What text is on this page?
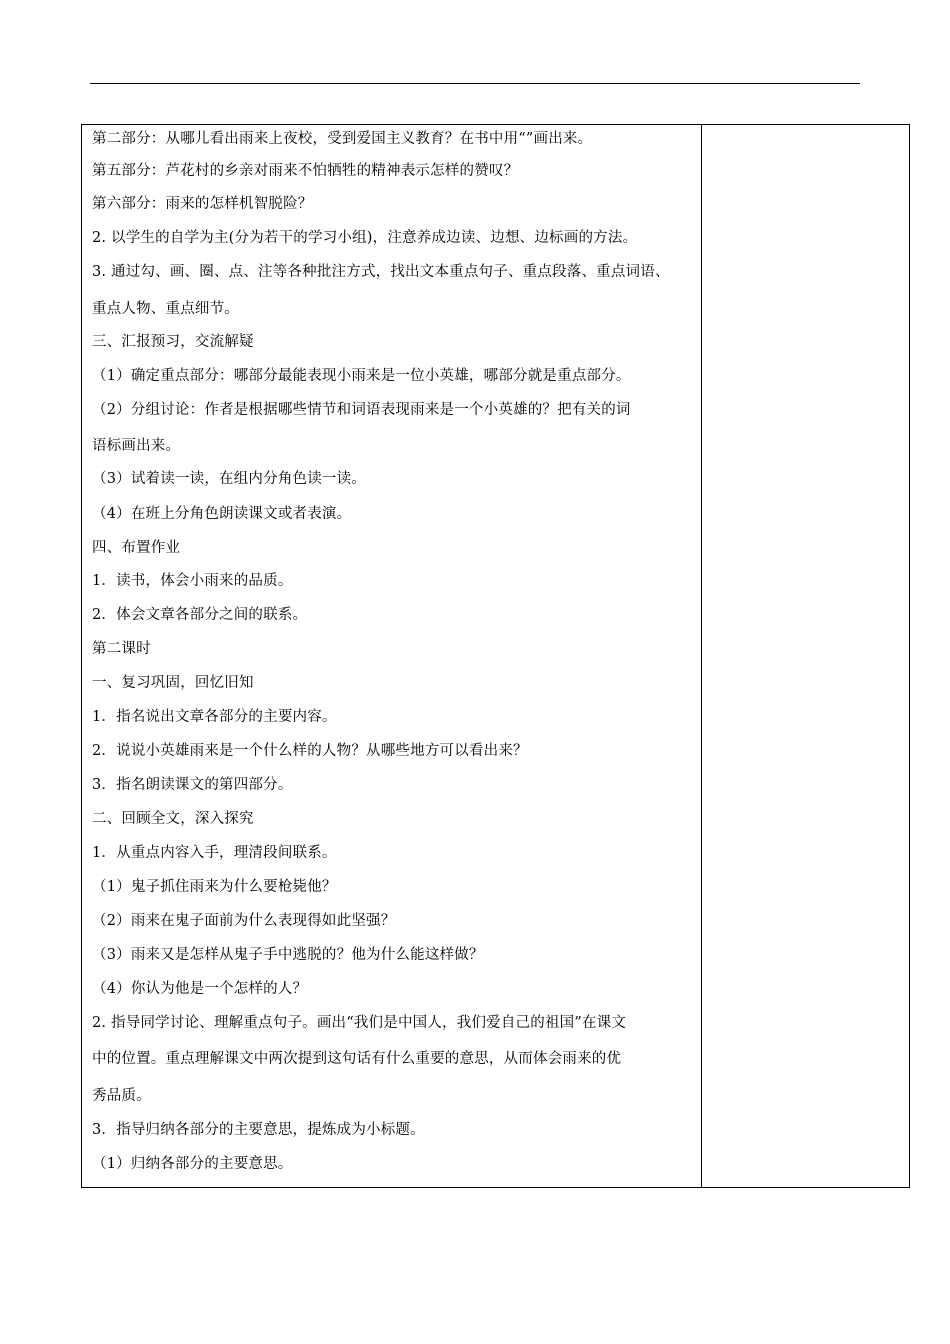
第二部分：从哪儿看出雨来上夜校，受到爱国主义教育？在书中用“”画出来。
第五部分：芦花村的乡亲对雨来不怕牺牲的精神表示怎样的赞叹？
第六部分：雨来的怎样机智脱险？
2. 以学生的自学为主(分为若干的学习小组)，注意养成边读、边想、边标画的方法。
3. 通过勾、画、圈、点、注等各种批注方式，找出文本重点句子、重点段落、重点词语、
重点人物、重点细节。
三、汇报预习，交流解疑
（1）确定重点部分：哪部分最能表现小雨来是一位小英雄，哪部分就是重点部分。
（2）分组讨论：作者是根据哪些情节和词语表现雨来是一个小英雄的？把有关的词
语标画出来。
（3）试着读一读，在组内分角色读一读。
（4）在班上分角色朗读课文或者表演。
四、布置作业
1．读书，体会小雨来的品质。
2．体会文章各部分之间的联系。
第二课时
一、复习巩固，回忆旧知
1．指名说出文章各部分的主要内容。
2．说说小英雄雨来是一个什么样的人物？从哪些地方可以看出来？
3．指名朗读课文的第四部分。
二、回顾全文，深入探究
1．从重点内容入手，理清段间联系。
（1）鬼子抓住雨来为什么要枪毙他？
（2）雨来在鬼子面前为什么表现得如此坚强？
（3）雨来又是怎样从鬼子手中逃脱的？他为什么能这样做？
（4）你认为他是一个怎样的人？
2. 指导同学讨论、理解重点句子。画出“我们是中国人，我们爱自己的祖国”在课文
中的位置。重点理解课文中两次提到这句话有什么重要的意思，从而体会雨来的优
秀品质。
3．指导归纳各部分的主要意思，提炼成为小标题。
（1）归纳各部分的主要意思。
